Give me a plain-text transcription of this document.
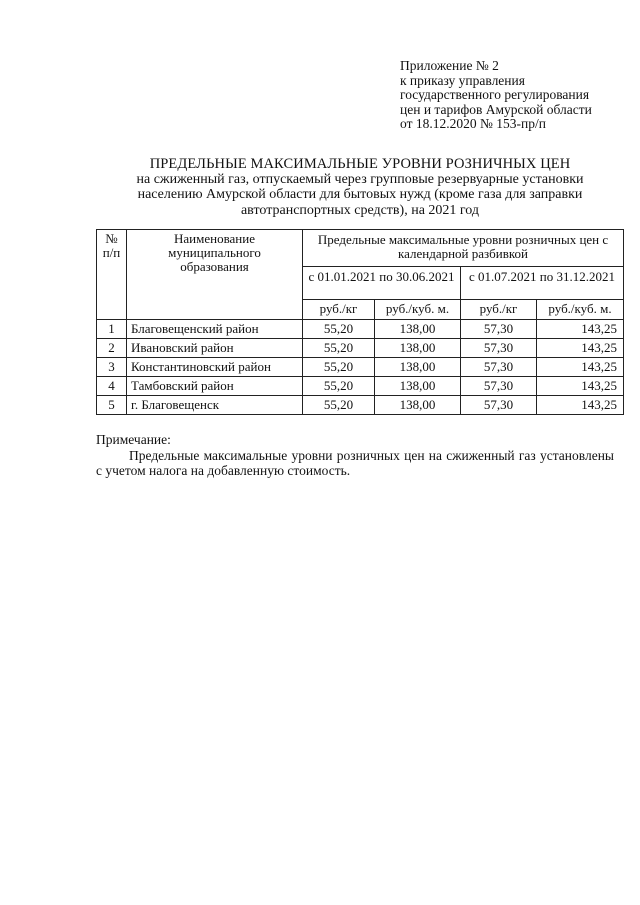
Приложение № 2
к приказу управления
государственного регулирования
цен и тарифов Амурской области
от 18.12.2020 № 153-пр/п
ПРЕДЕЛЬНЫЕ МАКСИМАЛЬНЫЕ УРОВНИ РОЗНИЧНЫХ ЦЕН
на сжиженный газ, отпускаемый через групповые резервуарные установки
населению Амурской области для бытовых нужд (кроме газа для заправки
автотранспортных средств), на 2021 год
№
п/п	Наименование
муниципального
образования	Предельные максимальные уровни розничных цен с календарной разбивкой			
		с 01.01.2021 по 30.06.2021		с 01.07.2021 по 31.12.2021	
		руб./кг	руб./куб. м.	руб./кг	руб./куб. м.
1	Благовещенский район	55,20	138,00	57,30	143,25
2	Ивановский район	55,20	138,00	57,30	143,25
3	Константиновский район	55,20	138,00	57,30	143,25
4	Тамбовский район	55,20	138,00	57,30	143,25
5	г. Благовещенск	55,20	138,00	57,30	143,25
Примечание:
Предельные максимальные уровни розничных цен на сжиженный газ установлены с учетом налога на добавленную стоимость.
